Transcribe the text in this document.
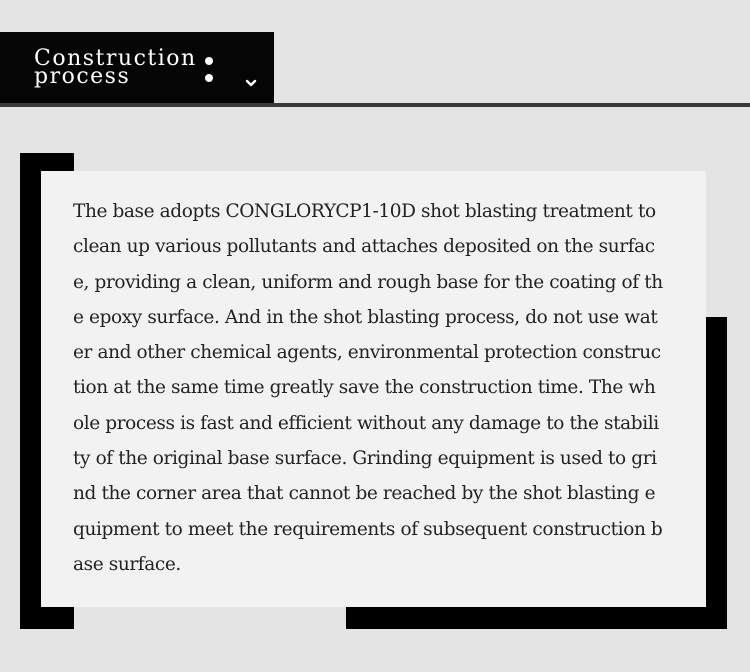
Construction
process

The base adopts CONGLORYCP1-10D shot blasting treatment to clean up various pollutants and attaches deposited on the surface, providing a clean, uniform and rough base for the coating of the epoxy surface. And in the shot blasting process, do not use water and other chemical agents, environmental protection construction at the same time greatly save the construction time. The whole process is fast and efficient without any damage to the stability of the original base surface. Grinding equipment is used to grind the corner area that cannot be reached by the shot blasting equipment to meet the requirements of subsequent construction base surface.
